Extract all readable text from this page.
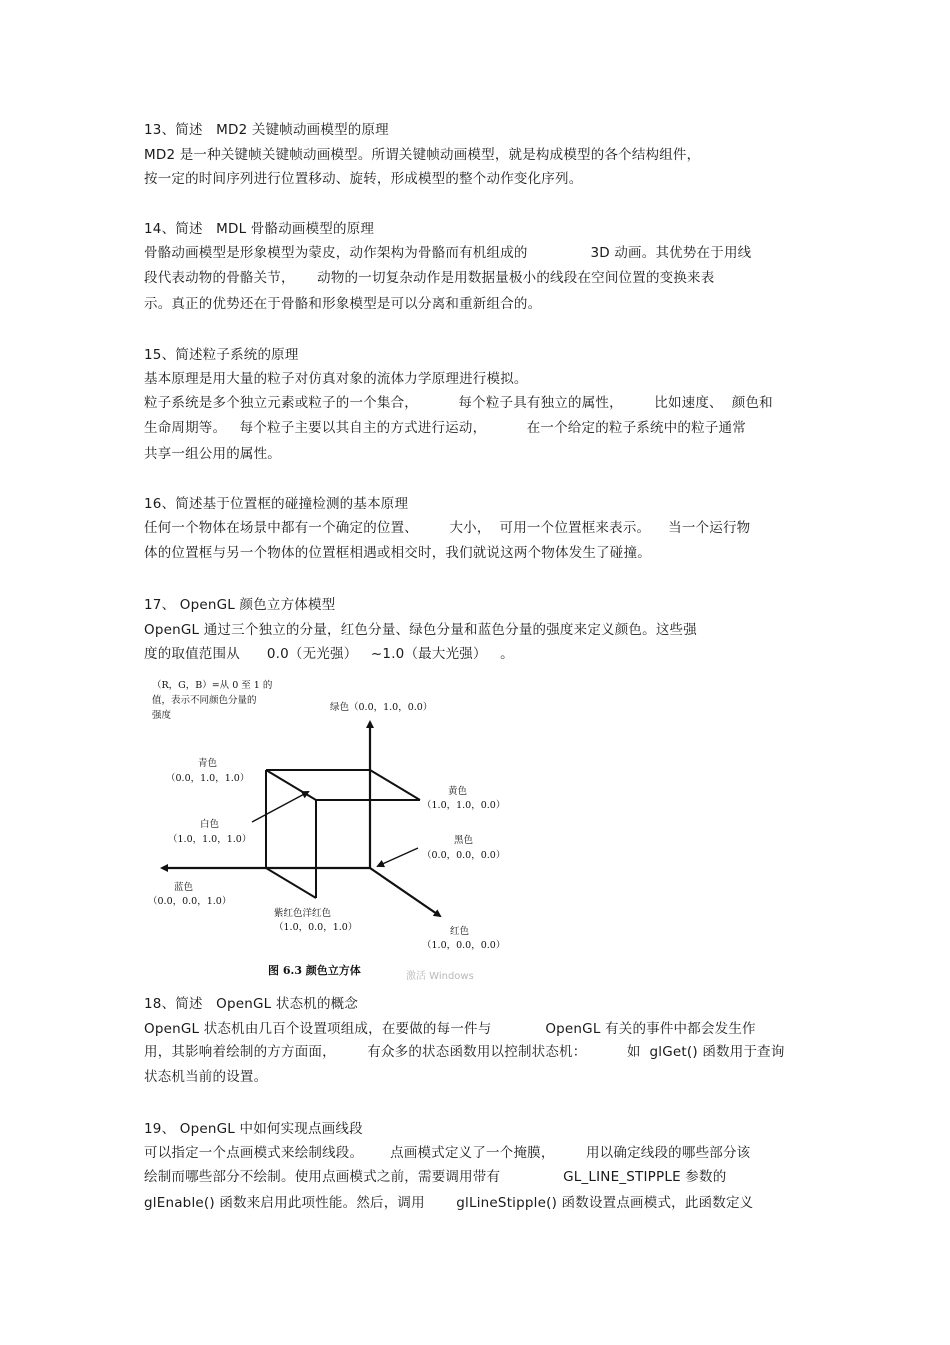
13、简述   MD2 关键帧动画模型的原理
MD2 是一种关键帧关键帧动画模型。所谓关键帧动画模型，就是构成模型的各个结构组件，
按一定的时间序列进行位置移动、旋转，形成模型的整个动作变化序列。
14、简述   MDL 骨骼动画模型的原理
骨骼动画模型是形象模型为蒙皮，动作架构为骨骼而有机组成的              3D 动画。其优势在于用线
段代表动物的骨骼关节，     动物的一切复杂动作是用数据量极小的线段在空间位置的变换来表
示。真正的优势还在于骨骼和形象模型是可以分离和重新组合的。
15、简述粒子系统的原理
基本原理是用大量的粒子对仿真对象的流体力学原理进行模拟。
粒子系统是多个独立元素或粒子的一个集合，         每个粒子具有独立的属性，       比如速度、  颜色和
生命周期等。   每个粒子主要以其自主的方式进行运动，         在一个给定的粒子系统中的粒子通常
共享一组公用的属性。
16、简述基于位置框的碰撞检测的基本原理
任何一个物体在场景中都有一个确定的位置、       大小，  可用一个位置框来表示。    当一个运行物
体的位置框与另一个物体的位置框相遇或相交时，我们就说这两个物体发生了碰撞。
17、 OpenGL 颜色立方体模型
OpenGL 通过三个独立的分量，红色分量、绿色分量和蓝色分量的强度来定义颜色。这些强
度的取值范围从      0.0（无光强）   ~1.0（最大光强）   。
（R，G，B）=从 0 至 1 的
值，表示不同颜色分量的
强度
绿色（0.0，1.0，0.0）
青色
（0.0，1.0，1.0）
黄色
（1.0，1.0，0.0）
白色
（1.0，1.0，1.0）	黑色
（0.0，0.0，0.0）
蓝色
（0.0，0.0，1.0）
紫红色洋红色
（1.0，0.0，1.0）	红色
（1.0，0.0，0.0）
图 6.3 颜色立方体	激活 Windows
18、简述   OpenGL 状态机的概念
OpenGL 状态机由几百个设置项组成，在要做的每一件与            OpenGL 有关的事件中都会发生作
用，其影响着绘制的方方面面，       有众多的状态函数用以控制状态机：         如  glGet() 函数用于查询
状态机当前的设置。
19、 OpenGL 中如何实现点画线段
可以指定一个点画模式来绘制线段。      点画模式定义了一个掩膜，       用以确定线段的哪些部分该
绘制而哪些部分不绘制。使用点画模式之前，需要调用带有              GL_LINE_STIPPLE 参数的
glEnable() 函数来启用此项性能。然后，调用       glLineStipple() 函数设置点画模式，此函数定义
